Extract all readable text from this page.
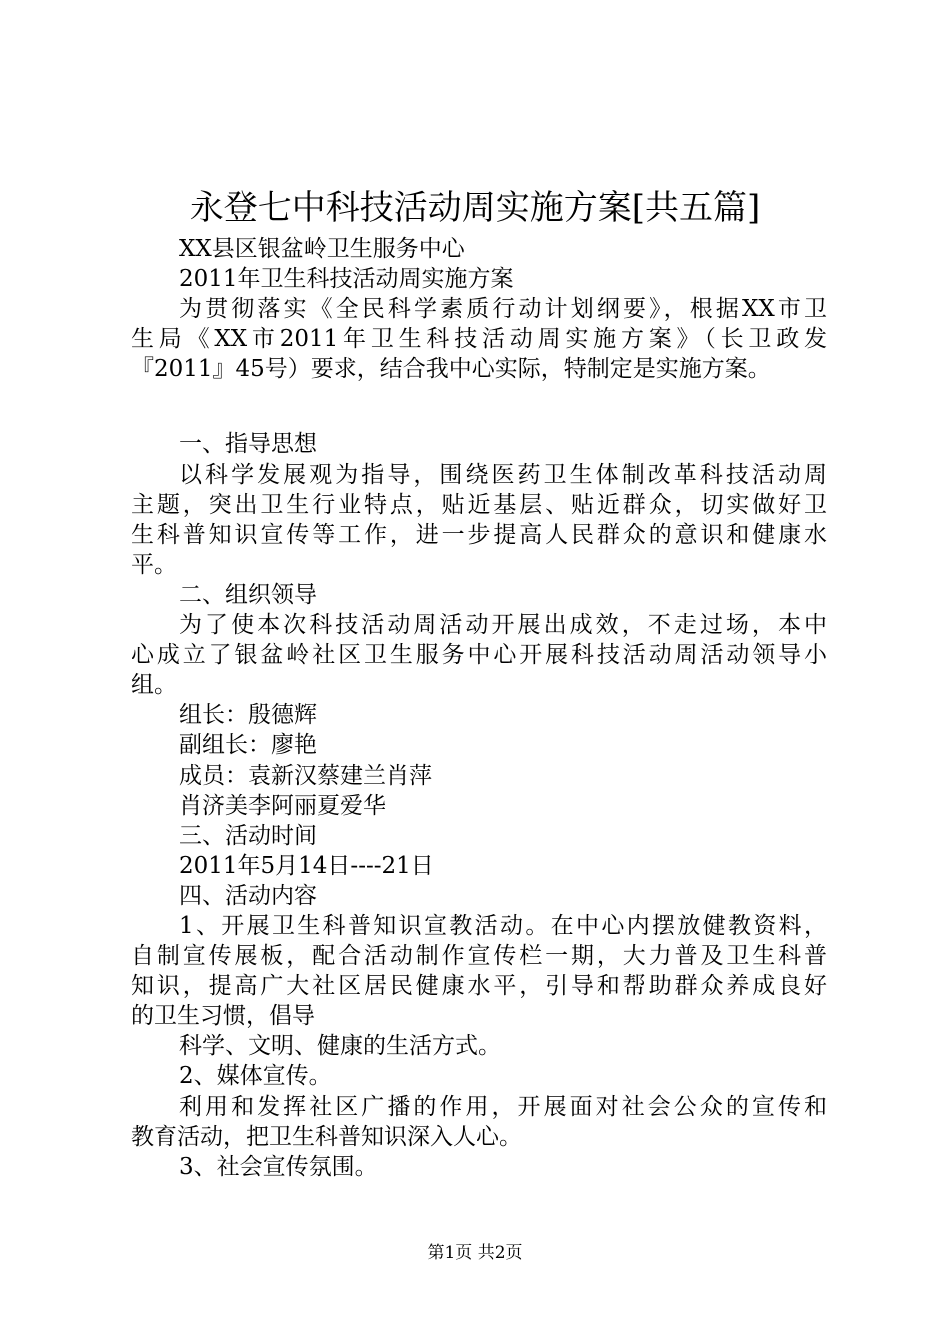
永登七中科技活动周实施方案[共五篇]
XX县区银盆岭卫生服务中心
2011年卫生科技活动周实施方案
为贯彻落实《全民科学素质行动计划纲要》，根据XX市卫
生局《XX市2011年卫生科技活动周实施方案》（长卫政发
『2011』45号）要求，结合我中心实际，特制定是实施方案。
一、指导思想
以科学发展观为指导，围绕医药卫生体制改革科技活动周
主题，突出卫生行业特点，贴近基层、贴近群众，切实做好卫
生科普知识宣传等工作，进一步提高人民群众的意识和健康水
平。
二、组织领导
为了使本次科技活动周活动开展出成效，不走过场，本中
心成立了银盆岭社区卫生服务中心开展科技活动周活动领导小
组。
组长：殷德辉
副组长：廖艳
成员：袁新汉蔡建兰肖萍
肖济美李阿丽夏爱华
三、活动时间
2011年5月14日----21日
四、活动内容
1、开展卫生科普知识宣教活动。在中心内摆放健教资料，
自制宣传展板，配合活动制作宣传栏一期，大力普及卫生科普
知识，提高广大社区居民健康水平，引导和帮助群众养成良好
的卫生习惯，倡导
科学、文明、健康的生活方式。
2、媒体宣传。
利用和发挥社区广播的作用，开展面对社会公众的宣传和
教育活动，把卫生科普知识深入人心。
3、社会宣传氛围。
第1页 共2页
